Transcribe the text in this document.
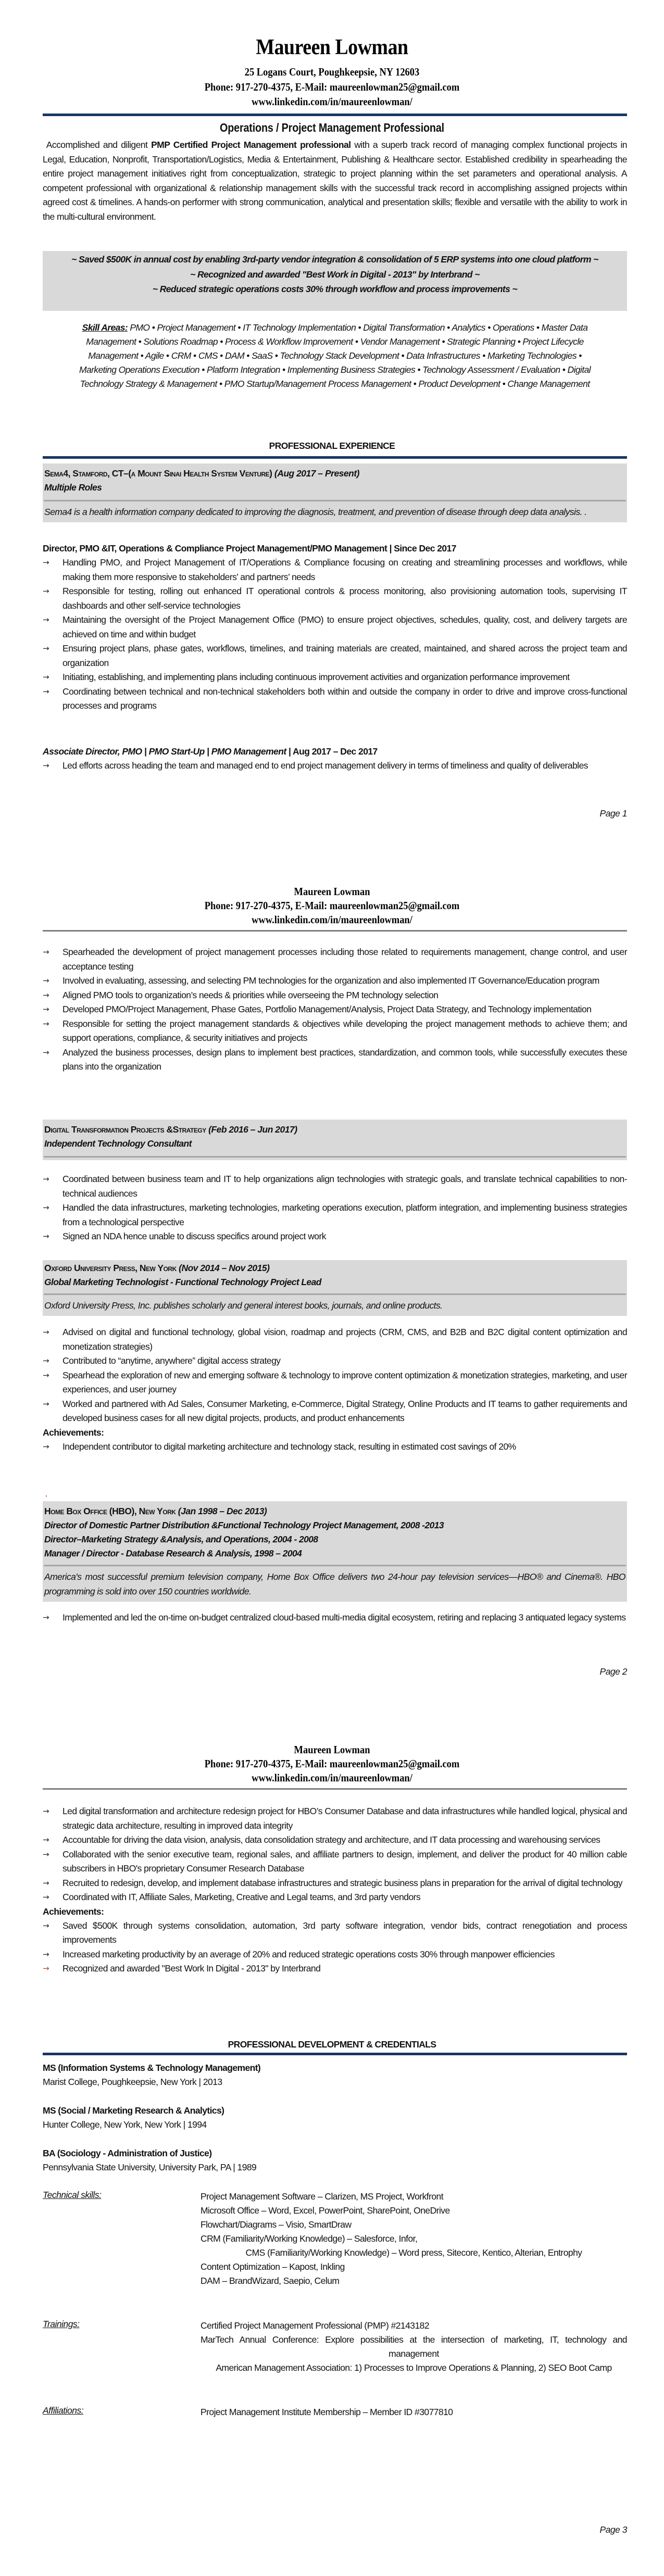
Maureen Lowman
25 Logans Court, Poughkeepsie, NY 12603
Phone: 917-270-4375, E-Mail: maureenlowman25@gmail.com
www.linkedin.com/in/maureenlowman/
Operations / Project Management Professional
Accomplished and diligent PMP Certified Project Management professional with a superb track record of managing complex functional projects in Legal, Education, Nonprofit, Transportation/Logistics, Media & Entertainment, Publishing & Healthcare sector. Established credibility in spearheading the entire project management initiatives right from conceptualization, strategic to project planning within the set parameters and operational analysis. A competent professional with organizational & relationship management skills with the successful track record in accomplishing assigned projects within agreed cost & timelines. A hands-on performer with strong communication, analytical and presentation skills; flexible and versatile with the ability to work in the multi-cultural environment.
~ Saved $500K in annual cost by enabling 3rd-party vendor integration & consolidation of 5 ERP systems into one cloud platform ~
~ Recognized and awarded "Best Work in Digital - 2013" by Interbrand ~
~ Reduced strategic operations costs 30% through workflow and process improvements ~
Skill Areas: PMO • Project Management • IT Technology Implementation • Digital Transformation • Analytics • Operations • Master Data Management • Solutions Roadmap • Process & Workflow Improvement • Vendor Management • Strategic Planning • Project Lifecycle Management • Agile • CRM • CMS • DAM • SaaS • Technology Stack Development • Data Infrastructures • Marketing Technologies • Marketing Operations Execution • Platform Integration • Implementing Business Strategies • Technology Assessment / Evaluation • Digital Technology Strategy & Management • PMO Startup/Management Process Management • Product Development • Change Management
PROFESSIONAL EXPERIENCE
Sema4, Stamford, CT–(a Mount Sinai Health System Venture) (Aug 2017 – Present)
Multiple Roles
Sema4 is a health information company dedicated to improving the diagnosis, treatment, and prevention of disease through deep data analysis. .
Director, PMO &IT, Operations & Compliance Project Management/PMO Management | Since Dec 2017
→	Handling PMO, and Project Management of IT/Operations & Compliance focusing on creating and streamlining processes and workflows, while making them more responsive to stakeholders’ and partners’ needs
→	Responsible for testing, rolling out enhanced IT operational controls & process monitoring, also provisioning automation tools, supervising IT dashboards and other self-service technologies
→	Maintaining the oversight of the Project Management Office (PMO) to ensure project objectives, schedules, quality, cost, and delivery targets are achieved on time and within budget
→	Ensuring project plans, phase gates, workflows, timelines, and training materials are created, maintained, and shared across the project team and organization
→	Initiating, establishing, and implementing plans including continuous improvement activities and organization performance improvement
→	Coordinating between technical and non-technical stakeholders both within and outside the company in order to drive and improve cross-functional processes and programs
Associate Director, PMO | PMO Start-Up | PMO Management | Aug 2017 – Dec 2017
→	Led efforts across heading the team and managed end to end project management delivery in terms of timeliness and quality of deliverables
Page 1
Maureen Lowman
Phone: 917-270-4375, E-Mail: maureenlowman25@gmail.com
www.linkedin.com/in/maureenlowman/
→	Spearheaded the development of project management processes including those related to requirements management, change control, and user acceptance testing
→	Involved in evaluating, assessing, and selecting PM technologies for the organization and also implemented IT Governance/Education program
→	Aligned PMO tools to organization’s needs & priorities while overseeing the PM technology selection
→	Developed PMO/Project Management, Phase Gates, Portfolio Management/Analysis, Project Data Strategy, and Technology implementation
→	Responsible for setting the project management standards & objectives while developing the project management methods to achieve them; and support operations, compliance, & security initiatives and projects
→	Analyzed the business processes, design plans to implement best practices, standardization, and common tools, while successfully executes these plans into the organization
Digital Transformation Projects &Strategy (Feb 2016 – Jun 2017)
Independent Technology Consultant
→	Coordinated between business team and IT to help organizations align technologies with strategic goals, and translate technical capabilities to non-technical audiences
→	Handled the data infrastructures, marketing technologies, marketing operations execution, platform integration, and implementing business strategies from a technological perspective
→	Signed an NDA hence unable to discuss specifics around project work
Oxford University Press, New York (Nov 2014 – Nov 2015)
Global Marketing Technologist - Functional Technology Project Lead
Oxford University Press, Inc. publishes scholarly and general interest books, journals, and online products.
→	Advised on digital and functional technology, global vision, roadmap and projects (CRM, CMS, and B2B and B2C digital content optimization and monetization strategies)
→	Contributed to “anytime, anywhere” digital access strategy
→	Spearhead the exploration of new and emerging software & technology to improve content optimization & monetization strategies, marketing, and user experiences, and user journey
→	Worked and partnered with Ad Sales, Consumer Marketing, e-Commerce, Digital Strategy, Online Products and IT teams to gather requirements and developed business cases for all new digital projects, products, and product enhancements
Achievements:
→	Independent contributor to digital marketing architecture and technology stack, resulting in estimated cost savings of 20%
Home Box Office (HBO), New York (Jan 1998 – Dec 2013)
Director of Domestic Partner Distribution &Functional Technology Project Management, 2008 -2013
Director–Marketing Strategy &Analysis, and Operations, 2004 - 2008
Manager / Director - Database Research & Analysis, 1998 – 2004
America's most successful premium television company, Home Box Office delivers two 24-hour pay television services—HBO® and Cinema®. HBO programming is sold into over 150 countries worldwide.
→	Implemented and led the on-time on-budget centralized cloud-based multi-media digital ecosystem, retiring and replacing 3 antiquated legacy systems
Page 2
Maureen Lowman
Phone: 917-270-4375, E-Mail: maureenlowman25@gmail.com
www.linkedin.com/in/maureenlowman/
→	Led digital transformation and architecture redesign project for HBO’s Consumer Database and data infrastructures while handled logical, physical and strategic data architecture, resulting in improved data integrity
→	Accountable for driving the data vision, analysis, data consolidation strategy and architecture, and IT data processing and warehousing services
→	Collaborated with the senior executive team, regional sales, and affiliate partners to design, implement, and deliver the product for 40 million cable subscribers in HBO's proprietary Consumer Research Database
→	Recruited to redesign, develop, and implement database infrastructures and strategic business plans in preparation for the arrival of digital technology
→	Coordinated with IT, Affiliate Sales, Marketing, Creative and Legal teams, and 3rd party vendors
Achievements:
→	Saved $500K through systems consolidation, automation, 3rd party software integration, vendor bids, contract renegotiation and process improvements
→	Increased marketing productivity by an average of 20% and reduced strategic operations costs 30% through manpower efficiencies
→	Recognized and awarded "Best Work In Digital - 2013" by Interbrand
PROFESSIONAL DEVELOPMENT & CREDENTIALS
MS (Information Systems & Technology Management)
Marist College, Poughkeepsie, New York | 2013
MS (Social / Marketing Research & Analytics)
Hunter College, New York, New York | 1994
BA (Sociology - Administration of Justice)
Pennsylvania State University, University Park, PA | 1989
Technical skills:	Project Management Software – Clarizen, MS Project, Workfront
Microsoft Office – Word, Excel, PowerPoint, SharePoint, OneDrive
Flowchart/Diagrams – Visio, SmartDraw
CRM (Familiarity/Working Knowledge) – Salesforce, Infor,
CMS (Familiarity/Working Knowledge) – Word press, Sitecore, Kentico, Alterian, Entrophy
Content Optimization – Kapost, Inkling
DAM – BrandWizard, Saepio, Celum
Trainings:	Certified Project Management Professional (PMP) #2143182
MarTech Annual Conference: Explore possibilities at the intersection of marketing, IT, technology and management
American Management Association: 1) Processes to Improve Operations & Planning, 2) SEO Boot Camp
Affiliations:	Project Management Institute Membership – Member ID #3077810
Page 3
